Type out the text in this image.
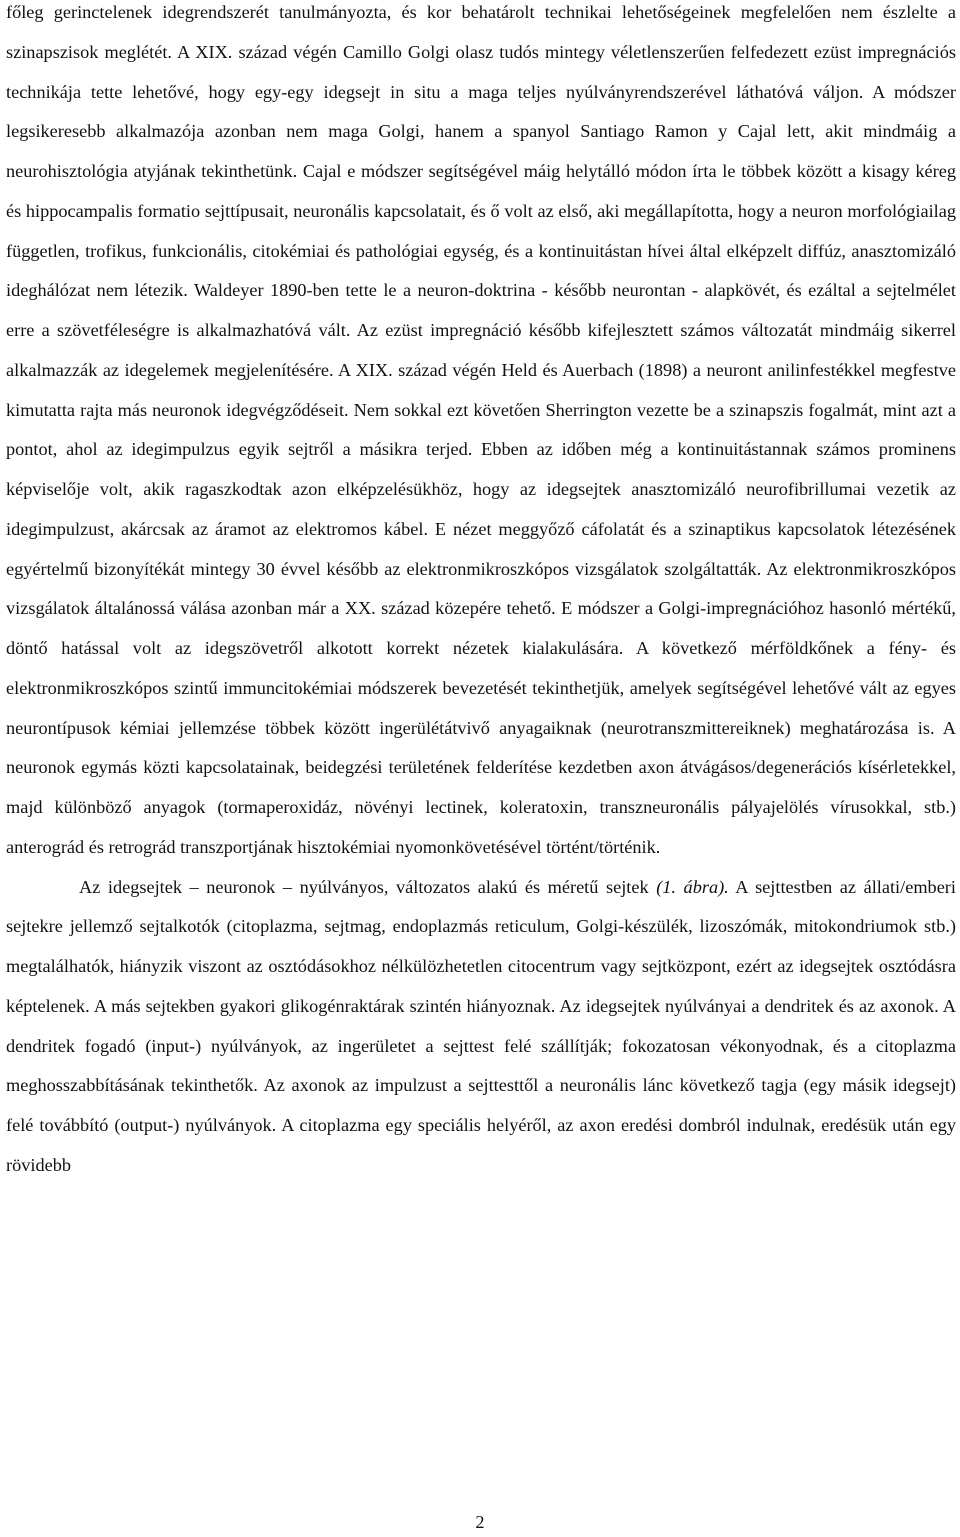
főleg gerinctelenek idegrendszerét tanulmányozta, és kor behatárolt technikai lehetőségeinek megfelelően nem észlelte a szinapszisok meglétét. A XIX. század végén Camillo Golgi olasz tudós mintegy véletlenszerűen felfedezett ezüst impregnációs technikája tette lehetővé, hogy egy-egy idegsejt in situ a maga teljes nyúlványrendszerével láthatóvá váljon. A módszer legsikeresebb alkalmazója azonban nem maga Golgi, hanem a spanyol Santiago Ramon y Cajal lett, akit mindmáig a neurohisztológia atyjának tekinthetünk. Cajal e módszer segítségével máig helytálló módon írta le többek között a kisagy kéreg és hippocampalis formatio sejttípusait, neuronális kapcsolatait, és ő volt az első, aki megállapította, hogy a neuron morfológiailag független, trofikus, funkcionális, citokémiai és pathológiai egység, és a kontinuitástan hívei által elképzelt diffúz, anasztomizáló ideghálózat nem létezik. Waldeyer 1890-ben tette le a neuron-doktrina - később neurontan - alapkövét, és ezáltal a sejtelmélet erre a szövetféleségre is alkalmazhatóvá vált. Az ezüst impregnáció később kifejlesztett számos változatát mindmáig sikerrel alkalmazzák az idegelemek megjelenítésére. A XIX. század végén Held és Auerbach (1898) a neuront anilinfestékkel megfestve kimutatta rajta más neuronok idegvégződéseit. Nem sokkal ezt követően Sherrington vezette be a szinapszis fogalmát, mint azt a pontot, ahol az idegimpulzus egyik sejtről a másikra terjed. Ebben az időben még a kontinuitástannak számos prominens képviselője volt, akik ragaszkodtak azon elképzelésükhöz, hogy az idegsejtek anasztomizáló neurofibrillumai vezetik az idegimpulzust, akárcsak az áramot az elektromos kábel. E nézet meggyőző cáfolatát és a szinaptikus kapcsolatok létezésének egyértelmű bizonyítékát mintegy 30 évvel később az elektronmikroszkópos vizsgálatok szolgáltatták. Az elektronmikroszkópos vizsgálatok általánossá válása azonban már a XX. század közepére tehető. E módszer a Golgi-impregnációhoz hasonló mértékű, döntő hatással volt az idegszövetről alkotott korrekt nézetek kialakulására. A következő mérföldkőnek a fény- és elektronmikroszkópos szintű immuncitokémiai módszerek bevezetését tekinthetjük, amelyek segítségével lehetővé vált az egyes neurontípusok kémiai jellemzése többek között ingerülétátvivő anyagaiknak (neurotranszmittereiknek) meghatározása is. A neuronok egymás közti kapcsolatainak, beidegzési területének felderítése kezdetben axon átvágásos/degenerációs kísérletekkel, majd különböző anyagok (tormaperoxidáz, növényi lectinek, koleratoxin, transzneuronális pályajelölés vírusokkal, stb.) anterográd és retrográd transzportjának hisztokémiai nyomonkövetésével történt/történik.

Az idegsejtek – neuronok – nyúlványos, változatos alakú és méretű sejtek (1. ábra). A sejttestben az állati/emberi sejtekre jellemző sejtalkotók (citoplazma, sejtmag, endoplazmás reticulum, Golgi-készülék, lizoszómák, mitokondriumok stb.) megtalálhatók, hiányzik viszont az osztódásokhoz nélkülözhetetlen citocentrum vagy sejtközpont, ezért az idegsejtek osztódásra képtelenek. A más sejtekben gyakori glikogénraktárak szintén hiányoznak. Az idegsejtek nyúlványai a dendritek és az axonok. A dendritek fogadó (input-) nyúlványok, az ingerületet a sejttest felé szállítják; fokozatosan vékonyodnak, és a citoplazma meghosszabbításának tekinthetők. Az axonok az impulzust a sejttesttől a neuronális lánc következő tagja (egy másik idegsejt) felé továbbító (output-) nyúlványok. A citoplazma egy speciális helyéről, az axon eredési dombról indulnak, eredésük után egy rövidebb

2
